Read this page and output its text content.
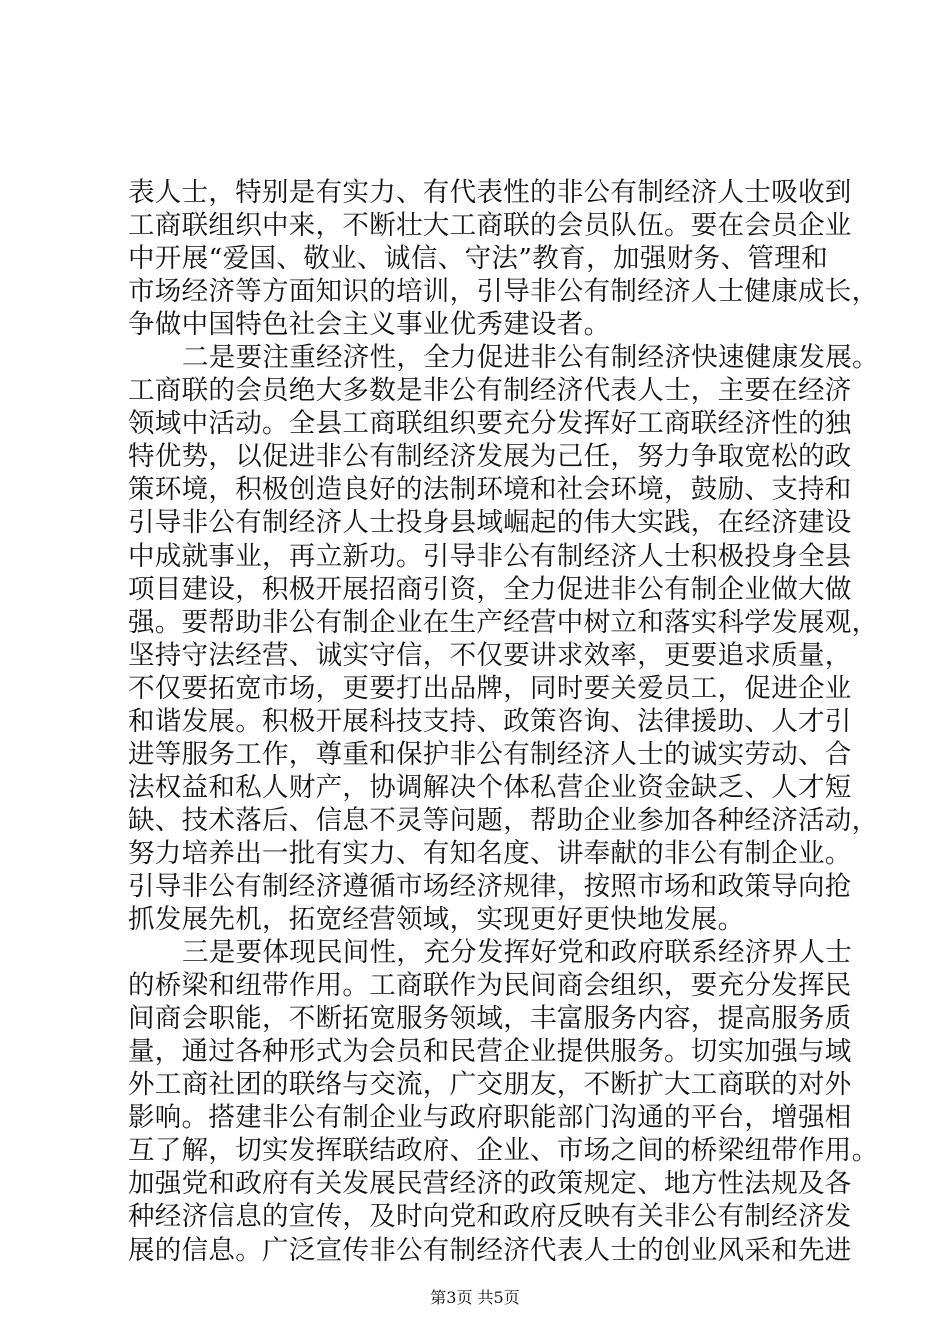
表人士，特别是有实力、有代表性的非公有制经济人士吸收到
工商联组织中来，不断壮大工商联的会员队伍。要在会员企业
中开展“爱国、敬业、诚信、守法”教育，加强财务、管理和
市场经济等方面知识的培训，引导非公有制经济人士健康成长，
争做中国特色社会主义事业优秀建设者。
二是要注重经济性，全力促进非公有制经济快速健康发展。
工商联的会员绝大多数是非公有制经济代表人士，主要在经济
领域中活动。全县工商联组织要充分发挥好工商联经济性的独
特优势，以促进非公有制经济发展为己任，努力争取宽松的政
策环境，积极创造良好的法制环境和社会环境，鼓励、支持和
引导非公有制经济人士投身县域崛起的伟大实践，在经济建设
中成就事业，再立新功。引导非公有制经济人士积极投身全县
项目建设，积极开展招商引资，全力促进非公有制企业做大做
强。要帮助非公有制企业在生产经营中树立和落实科学发展观，
坚持守法经营、诚实守信，不仅要讲求效率，更要追求质量，
不仅要拓宽市场，更要打出品牌，同时要关爱员工，促进企业
和谐发展。积极开展科技支持、政策咨询、法律援助、人才引
进等服务工作，尊重和保护非公有制经济人士的诚实劳动、合
法权益和私人财产，协调解决个体私营企业资金缺乏、人才短
缺、技术落后、信息不灵等问题，帮助企业参加各种经济活动，
努力培养出一批有实力、有知名度、讲奉献的非公有制企业。
引导非公有制经济遵循市场经济规律，按照市场和政策导向抢
抓发展先机，拓宽经营领域，实现更好更快地发展。
三是要体现民间性，充分发挥好党和政府联系经济界人士
的桥梁和纽带作用。工商联作为民间商会组织，要充分发挥民
间商会职能，不断拓宽服务领域，丰富服务内容，提高服务质
量，通过各种形式为会员和民营企业提供服务。切实加强与域
外工商社团的联络与交流，广交朋友，不断扩大工商联的对外
影响。搭建非公有制企业与政府职能部门沟通的平台，增强相
互了解，切实发挥联结政府、企业、市场之间的桥梁纽带作用。
加强党和政府有关发展民营经济的政策规定、地方性法规及各
种经济信息的宣传，及时向党和政府反映有关非公有制经济发
展的信息。广泛宣传非公有制经济代表人士的创业风采和先进
第3页 共5页
